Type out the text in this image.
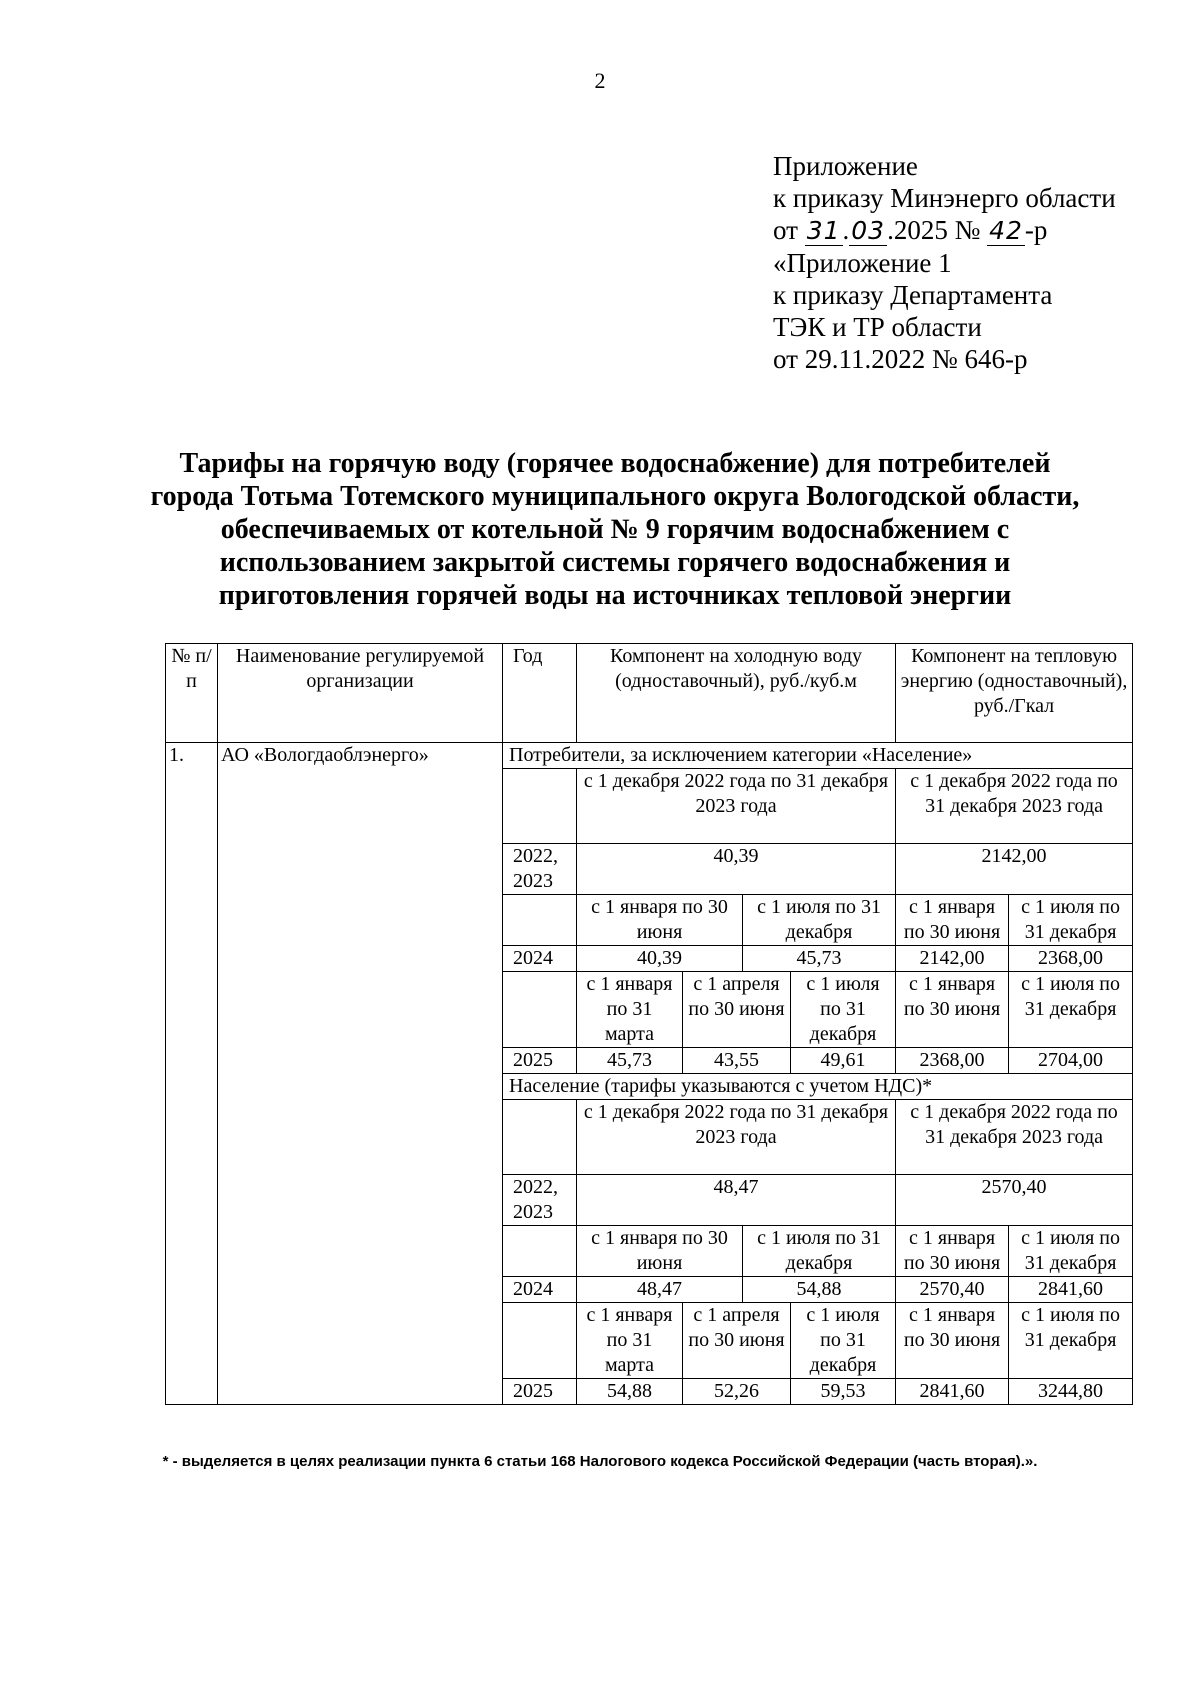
2
Приложение
к приказу Минэнерго области
от 31.03.2025 № 42-р
«Приложение 1
к приказу Департамента
ТЭК и ТР области
от 29.11.2022 № 646-р
Тарифы на горячую воду (горячее водоснабжение) для потребителей
города Тотьма Тотемского муниципального округа Вологодской области,
обеспечиваемых от котельной № 9 горячим водоснабжением с
использованием закрытой системы горячего водоснабжения и
приготовления горячей воды на источниках тепловой энергии
№ п/п	Наименование регулируемой организации	Год	Компонент на холодную воду (одноставочный), руб./куб.м				Компонент на тепловую энергию (одноставочный), руб./Гкал	
1.	АО «Вологдаоблэнерго»	Потребители, за исключением категории «Население»						
			с 1 декабря 2022 года по 31 декабря 2023 года				с 1 декабря 2022 года по 31 декабря 2023 года	
		2022, 2023	40,39				2142,00	
			с 1 января по 30 июня		с 1 июля по 31 декабря		с 1 января по 30 июня	с 1 июля по 31 декабря
		2024	40,39		45,73		2142,00	2368,00
			с 1 января по 31 марта	с 1 апреля по 30 июня		с 1 июля по 31 декабря	с 1 января по 30 июня	с 1 июля по 31 декабря
		2025	45,73	43,55		49,61	2368,00	2704,00
		Население (тарифы указываются с учетом НДС)*						
			с 1 декабря 2022 года по 31 декабря 2023 года				с 1 декабря 2022 года по 31 декабря 2023 года	
		2022, 2023	48,47				2570,40	
			с 1 января по 30 июня		с 1 июля по 31 декабря		с 1 января по 30 июня	с 1 июля по 31 декабря
		2024	48,47		54,88		2570,40	2841,60
			с 1 января по 31 марта	с 1 апреля по 30 июня		с 1 июля по 31 декабря	с 1 января по 30 июня	с 1 июля по 31 декабря
		2025	54,88	52,26		59,53	2841,60	3244,80
* - выделяется в целях реализации пункта 6 статьи 168 Налогового кодекса Российской Федерации (часть вторая).».
